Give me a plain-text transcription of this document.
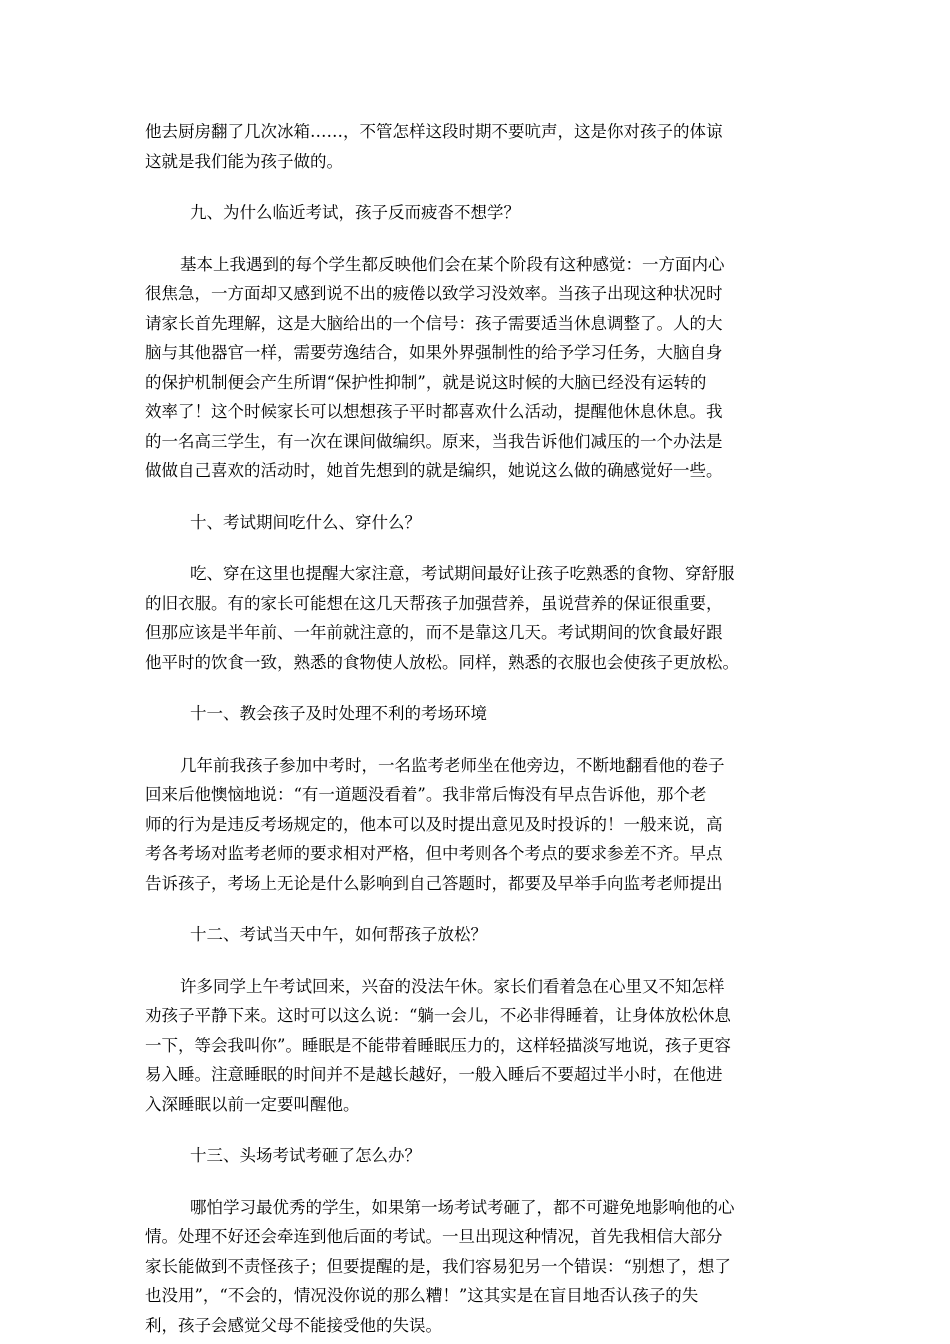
他去厨房翻了几次冰箱……，不管怎样这段时期不要吭声，这是你对孩子的体谅

这就是我们能为孩子做的。

九、为什么临近考试，孩子反而疲沓不想学？

基本上我遇到的每个学生都反映他们会在某个阶段有这种感觉：一方面内心

很焦急，一方面却又感到说不出的疲倦以致学习没效率。当孩子出现这种状况时

请家长首先理解，这是大脑给出的一个信号：孩子需要适当休息调整了。人的大

脑与其他器官一样，需要劳逸结合，如果外界强制性的给予学习任务，大脑自身

的保护机制便会产生所谓“保护性抑制”，就是说这时候的大脑已经没有运转的

效率了！这个时候家长可以想想孩子平时都喜欢什么活动，提醒他休息休息。我

的一名高三学生，有一次在课间做编织。原来，当我告诉他们减压的一个办法是

做做自己喜欢的活动时，她首先想到的就是编织，她说这么做的确感觉好一些。

十、考试期间吃什么、穿什么？

吃、穿在这里也提醒大家注意，考试期间最好让孩子吃熟悉的食物、穿舒服

的旧衣服。有的家长可能想在这几天帮孩子加强营养，虽说营养的保证很重要，

但那应该是半年前、一年前就注意的，而不是靠这几天。考试期间的饮食最好跟

他平时的饮食一致，熟悉的食物使人放松。同样，熟悉的衣服也会使孩子更放松。

十一、教会孩子及时处理不利的考场环境

几年前我孩子参加中考时，一名监考老师坐在他旁边，不断地翻看他的卷子

回来后他懊恼地说：“有一道题没看着”。我非常后悔没有早点告诉他，那个老

师的行为是违反考场规定的，他本可以及时提出意见及时投诉的！一般来说，高

考各考场对监考老师的要求相对严格，但中考则各个考点的要求参差不齐。早点

告诉孩子，考场上无论是什么影响到自己答题时，都要及早举手向监考老师提出

十二、考试当天中午，如何帮孩子放松？

许多同学上午考试回来，兴奋的没法午休。家长们看着急在心里又不知怎样

劝孩子平静下来。这时可以这么说：“躺一会儿，不必非得睡着，让身体放松休息

一下，等会我叫你”。睡眠是不能带着睡眠压力的，这样轻描淡写地说，孩子更容

易入睡。注意睡眠的时间并不是越长越好，一般入睡后不要超过半小时，在他进

入深睡眠以前一定要叫醒他。

十三、头场考试考砸了怎么办？

哪怕学习最优秀的学生，如果第一场考试考砸了，都不可避免地影响他的心

情。处理不好还会牵连到他后面的考试。一旦出现这种情况，首先我相信大部分

家长能做到不责怪孩子；但要提醒的是，我们容易犯另一个错误：“别想了，想了

也没用”，“不会的，情况没你说的那么糟！”这其实是在盲目地否认孩子的失

利，孩子会感觉父母不能接受他的失误。
